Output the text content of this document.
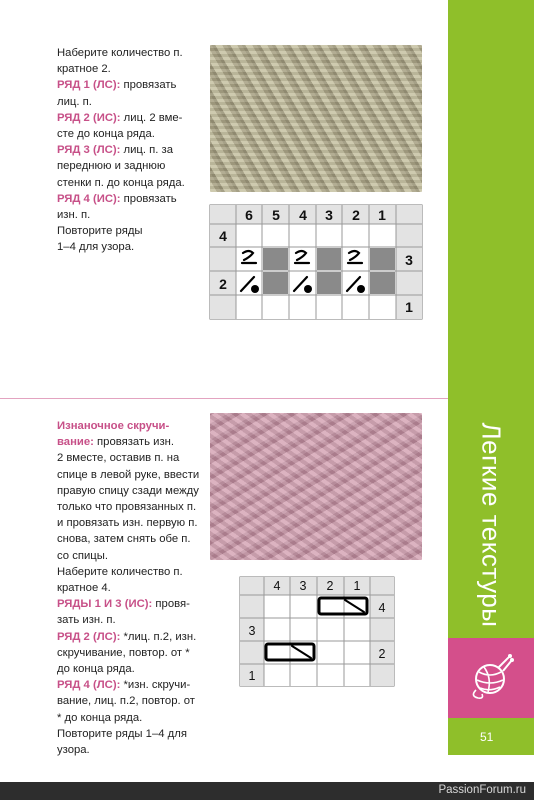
Наберите количество п.

кратное 2.

РЯД 1 (ЛС): провязать

лиц. п.

РЯД 2 (ИС): лиц. 2 вме-

сте до конца ряда.

РЯД 3 (ЛС): лиц. п. за

переднюю и заднюю

стенки п. до конца ряда.

РЯД 4 (ИС): провязать

изн. п.

Повторите ряды

1–4 для узора.

6 5 4 3 2 1
4
2
3
1

Изнаночное скручи-

вание: провязать изн.

2 вместе, оставив п. на

спице в левой руке, ввести

правую спицу сзади между

только что провязанных п.

и провязать изн. первую п.

снова, затем снять обе п.

со спицы.

Наберите количество п.

кратное 4.

РЯДЫ 1 И 3 (ИС): провя-

зать изн. п.

РЯД 2 (ЛС): *лиц. п.2, изн.

скручивание, повтор. от *

до конца ряда.

РЯД 4 (ЛС): *изн. скручи-

вание, лиц. п.2, повтор. от

* до конца ряда.

Повторите ряды 1–4 для

узора.

4 3 2 1
3
1
4
2
Легкие текстуры
51
PassionForum.ru
